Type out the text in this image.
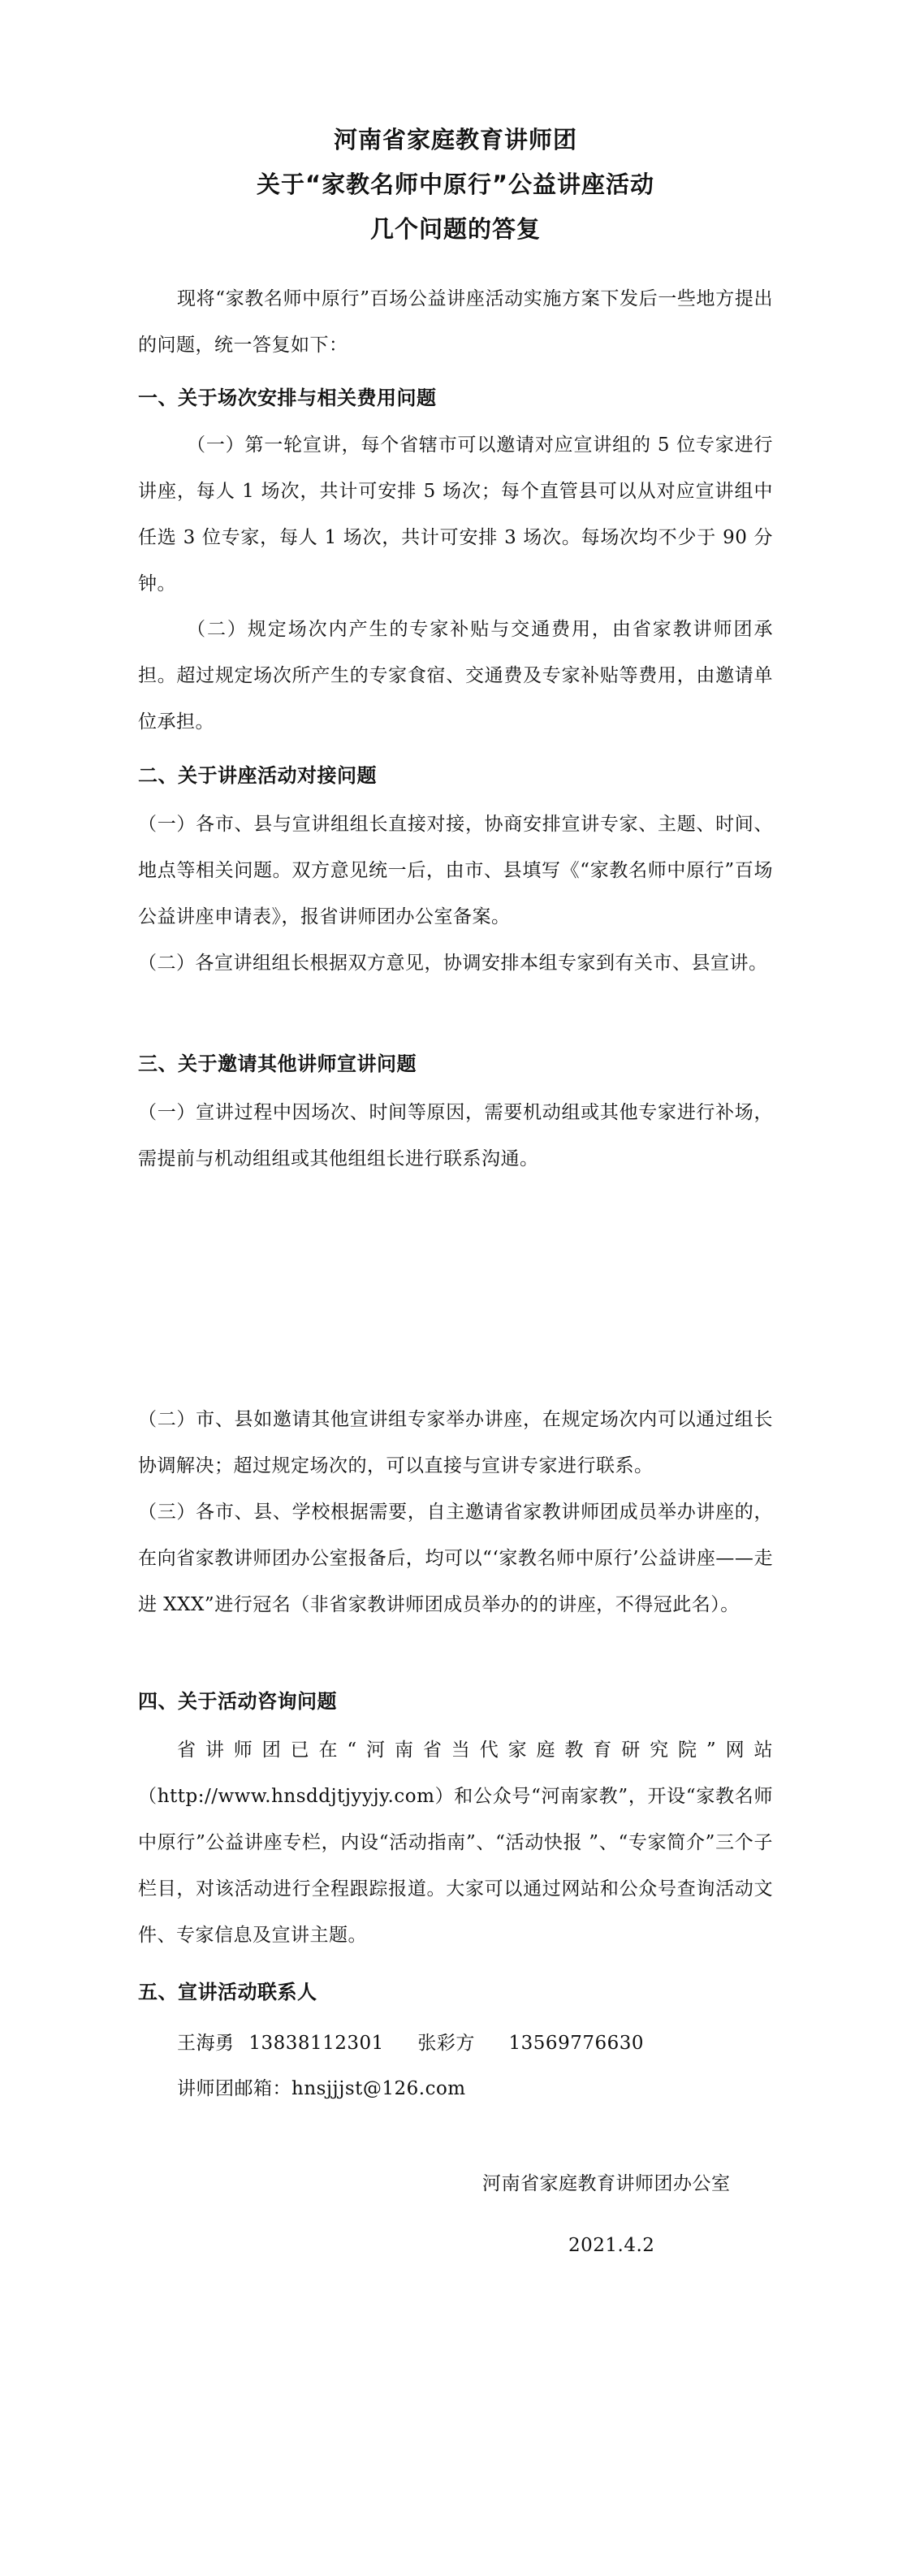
河南省家庭教育讲师团
关于“家教名师中原行”公益讲座活动
几个问题的答复
现将“家教名师中原行”百场公益讲座活动实施方案下发后一些地方提出的问题，统一答复如下：
一、关于场次安排与相关费用问题
（一）第一轮宣讲，每个省辖市可以邀请对应宣讲组的 5 位专家进行讲座，每人 1 场次，共计可安排 5 场次；每个直管县可以从对应宣讲组中任选 3 位专家，每人 1 场次，共计可安排 3 场次。每场次均不少于 90 分钟。
（二）规定场次内产生的专家补贴与交通费用，由省家教讲师团承担。超过规定场次所产生的专家食宿、交通费及专家补贴等费用，由邀请单位承担。
二、关于讲座活动对接问题
（一）各市、县与宣讲组组长直接对接，协商安排宣讲专家、主题、时间、地点等相关问题。双方意见统一后，由市、县填写《“家教名师中原行”百场公益讲座申请表》，报省讲师团办公室备案。
（二）各宣讲组组长根据双方意见，协调安排本组专家到有关市、县宣讲。
三、关于邀请其他讲师宣讲问题
（一）宣讲过程中因场次、时间等原因，需要机动组或其他专家进行补场，需提前与机动组组或其他组组长进行联系沟通。
（二）市、县如邀请其他宣讲组专家举办讲座，在规定场次内可以通过组长协调解决；超过规定场次的，可以直接与宣讲专家进行联系。
（三）各市、县、学校根据需要，自主邀请省家教讲师团成员举办讲座的，在向省家教讲师团办公室报备后，均可以“‘家教名师中原行’公益讲座——走进 XXX”进行冠名（非省家教讲师团成员举办的的讲座，不得冠此名）。
四、关于活动咨询问题
省讲师团已在“河南省当代家庭教育研究院”网站（http://www.hnsddjtjyyjy.com）和公众号“河南家教”，开设“家教名师中原行”公益讲座专栏，内设“活动指南”、“活动快报 ”、“专家简介”三个子栏目，对该活动进行全程跟踪报道。大家可以通过网站和公众号查询活动文件、专家信息及宣讲主题。
五、宣讲活动联系人
王海勇 13838112301 张彩方 13569776630
讲师团邮箱：hnsjjjst@126.com
河南省家庭教育讲师团办公室
2021.4.2
